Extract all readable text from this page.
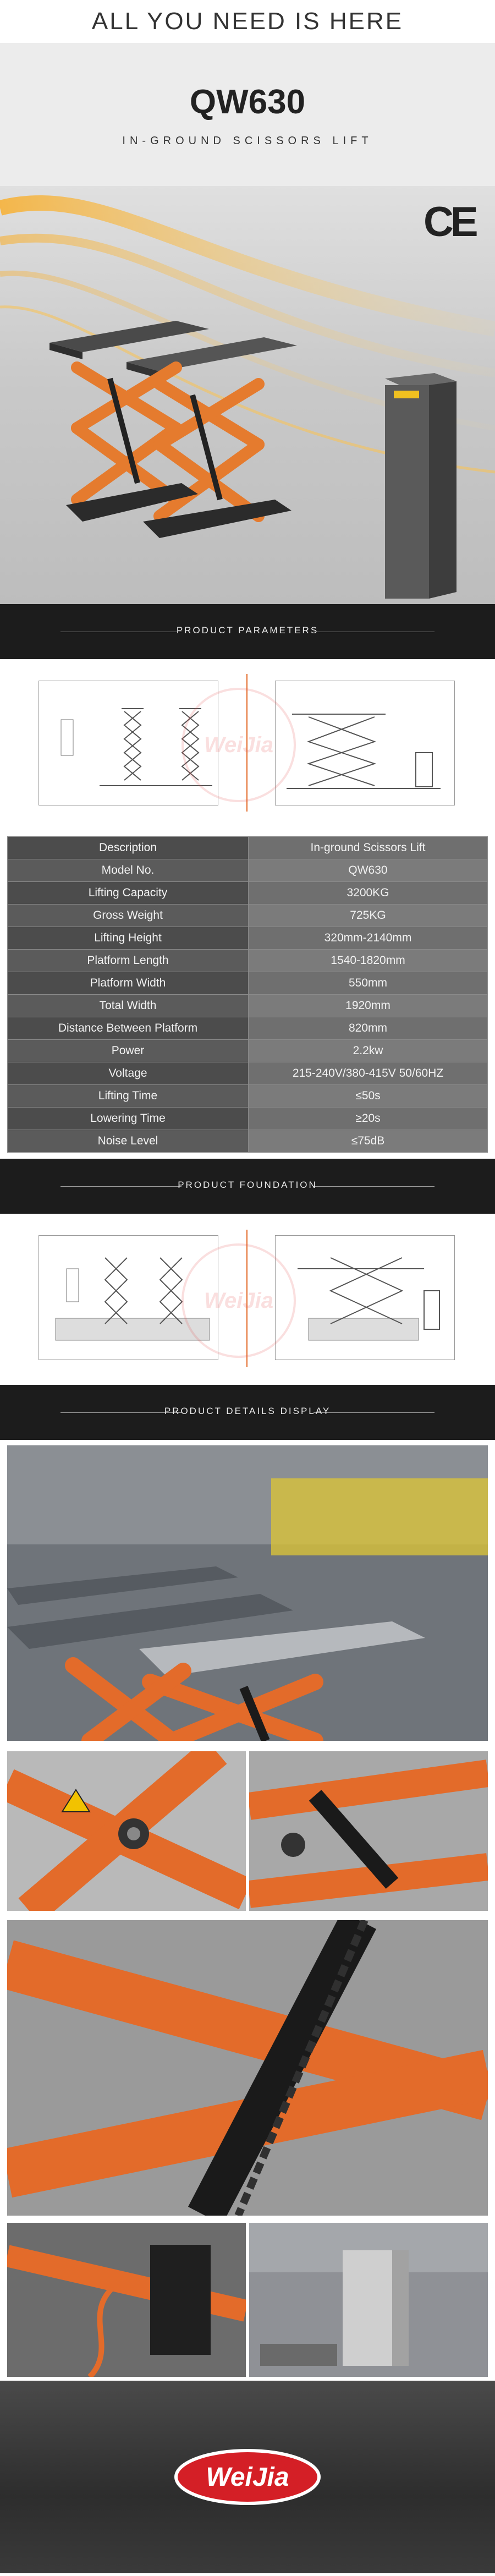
ALL YOU NEED IS HERE
QW630
IN-GROUND SCISSORS LIFT
CE
PRODUCT PARAMETERS
WeiJia
Description	In-ground Scissors Lift
Model No.	QW630
Lifting Capacity	3200KG
Gross Weight	725KG
Lifting Height	320mm-2140mm
Platform Length	1540-1820mm
Platform Width	550mm
Total Width	1920mm
Distance Between Platform	820mm
Power	2.2kw
Voltage	215-240V/380-415V 50/60HZ
Lifting Time	≤50s
Lowering Time	≥20s
Noise Level	≤75dB
PRODUCT FOUNDATION
WeiJia
PRODUCT DETAILS DISPLAY
WeiJia
